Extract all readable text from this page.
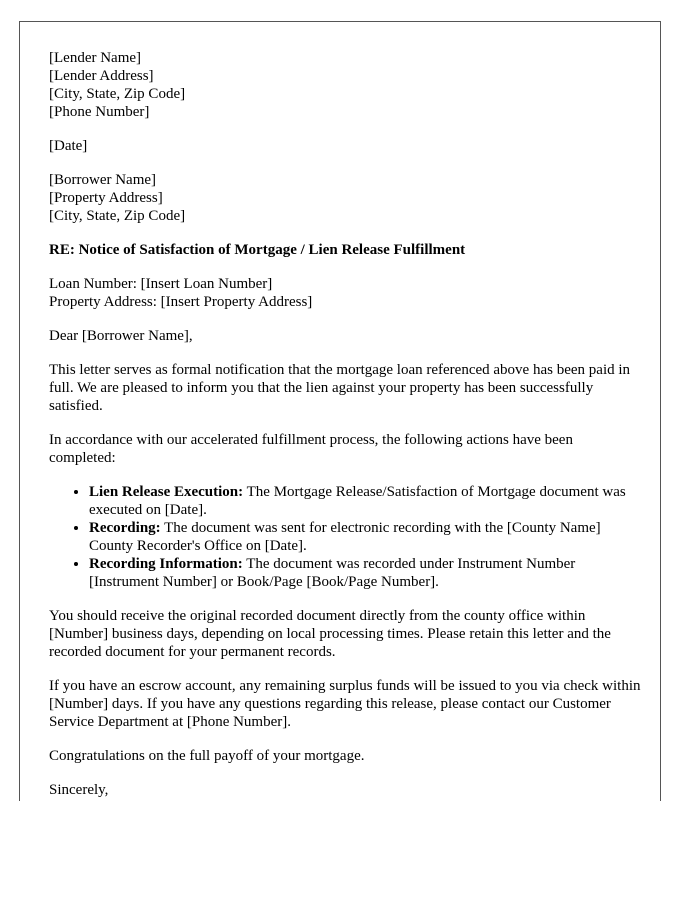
[Lender Name]
[Lender Address]
[City, State, Zip Code]
[Phone Number]

[Date]

[Borrower Name]
[Property Address]
[City, State, Zip Code]

RE: Notice of Satisfaction of Mortgage / Lien Release Fulfillment

Loan Number: [Insert Loan Number]
Property Address: [Insert Property Address]

Dear [Borrower Name],

This letter serves as formal notification that the mortgage loan referenced above has been paid in full. We are pleased to inform you that the lien against your property has been successfully satisfied.

In accordance with our accelerated fulfillment process, the following actions have been completed:

• Lien Release Execution: The Mortgage Release/Satisfaction of Mortgage document was executed on [Date].
• Recording: The document was sent for electronic recording with the [County Name] County Recorder's Office on [Date].
• Recording Information: The document was recorded under Instrument Number [Instrument Number] or Book/Page [Book/Page Number].

You should receive the original recorded document directly from the county office within [Number] business days, depending on local processing times. Please retain this letter and the recorded document for your permanent records.

If you have an escrow account, any remaining surplus funds will be issued to you via check within [Number] days. If you have any questions regarding this release, please contact our Customer Service Department at [Phone Number].

Congratulations on the full payoff of your mortgage.

Sincerely,
